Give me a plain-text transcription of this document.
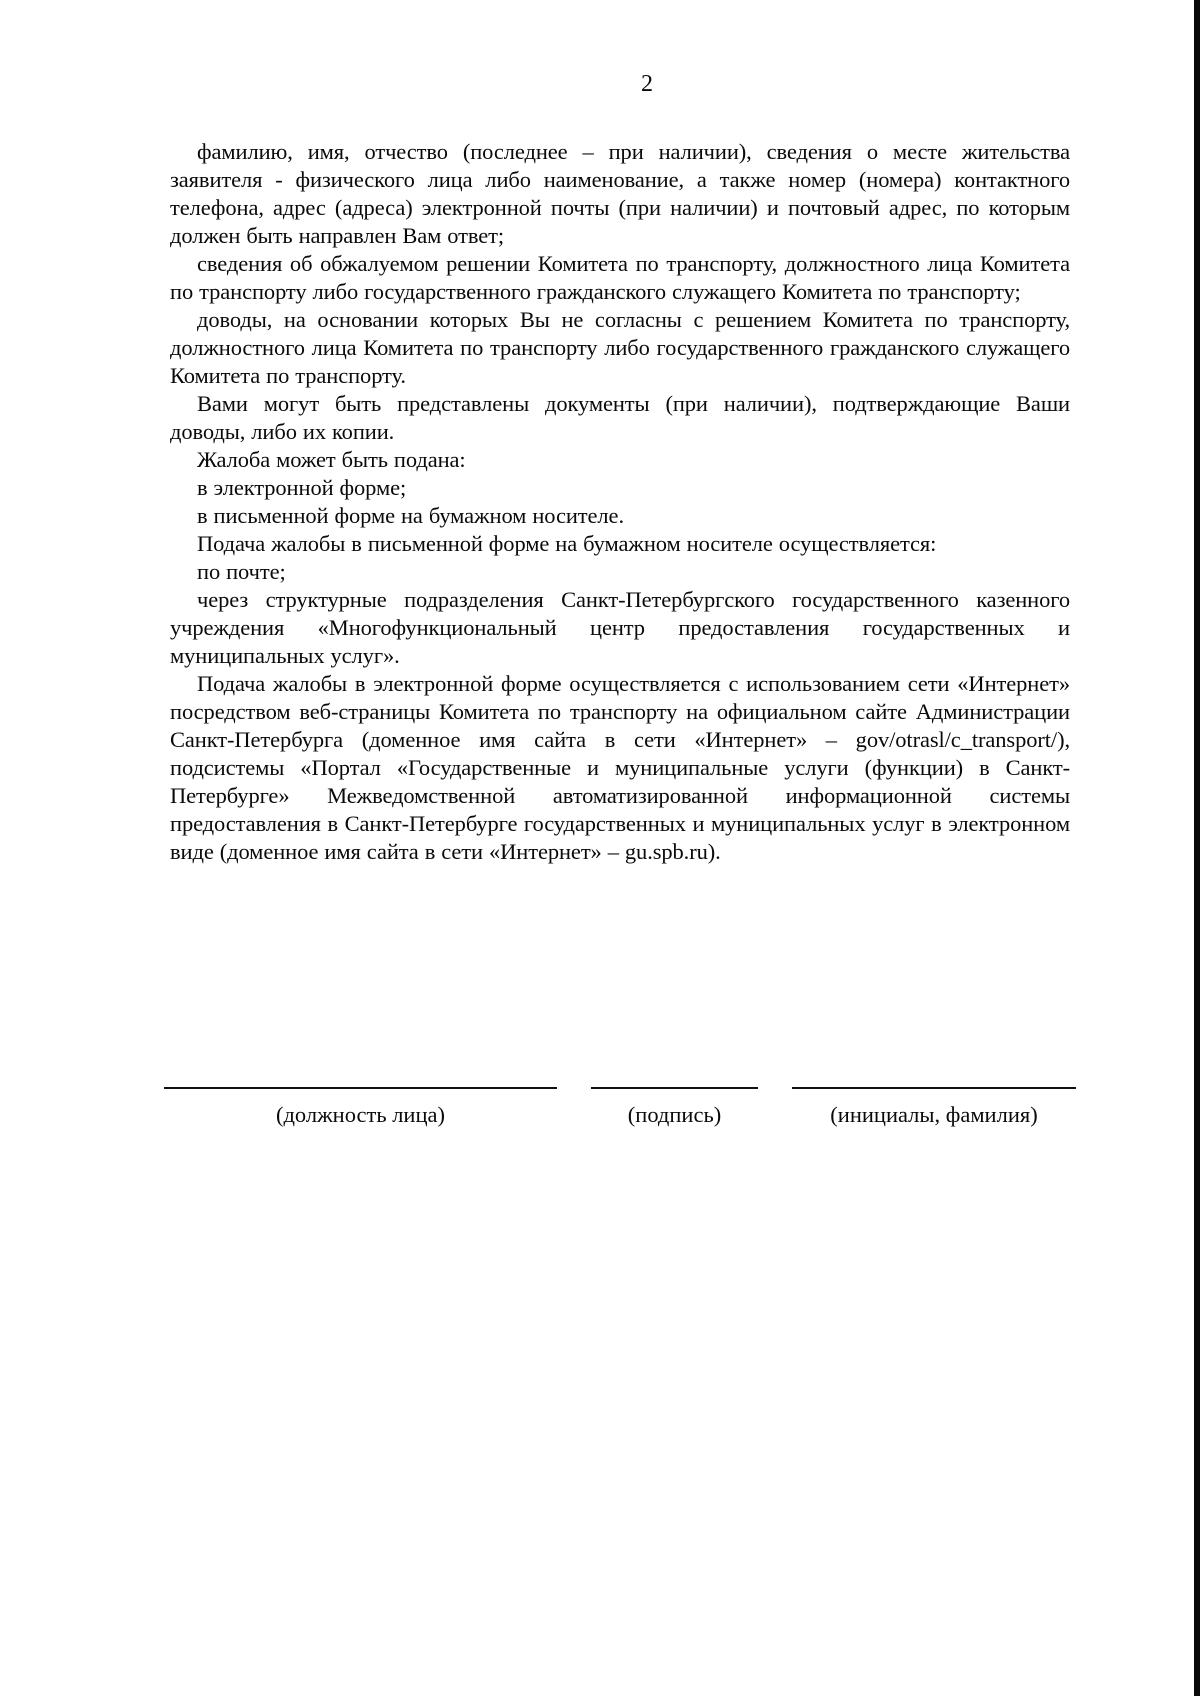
2

фамилию, имя, отчество (последнее – при наличии), сведения о месте жительства заявителя - физического лица либо наименование, а также номер (номера) контактного телефона, адрес (адреса) электронной почты (при наличии) и почтовый адрес, по которым должен быть направлен Вам ответ;

сведения об обжалуемом решении Комитета по транспорту, должностного лица Комитета по транспорту либо государственного гражданского служащего Комитета по транспорту;

доводы, на основании которых Вы не согласны с решением Комитета по транспорту, должностного лица Комитета по транспорту либо государственного гражданского служащего Комитета по транспорту.

Вами могут быть представлены документы (при наличии), подтверждающие Ваши доводы, либо их копии.

Жалоба может быть подана:

в электронной форме;

в письменной форме на бумажном носителе.

Подача жалобы в письменной форме на бумажном носителе осуществляется:

по почте;

через структурные подразделения Санкт-Петербургского государственного казенного учреждения «Многофункциональный центр предоставления государственных и муниципальных услуг».

Подача жалобы в электронной форме осуществляется с использованием сети «Интернет» посредством веб-страницы Комитета по транспорту на официальном сайте Администрации Санкт-Петербурга (доменное имя сайта в сети «Интернет» – gov/otrasl/c_transport/), подсистемы «Портал «Государственные и муниципальные услуги (функции) в Санкт-Петербурге» Межведомственной автоматизированной информационной системы предоставления в Санкт-Петербурге государственных и муниципальных услуг в электронном виде (доменное имя сайта в сети «Интернет» – gu.spb.ru).

(должность лица)	(подпись)	(инициалы, фамилия)
